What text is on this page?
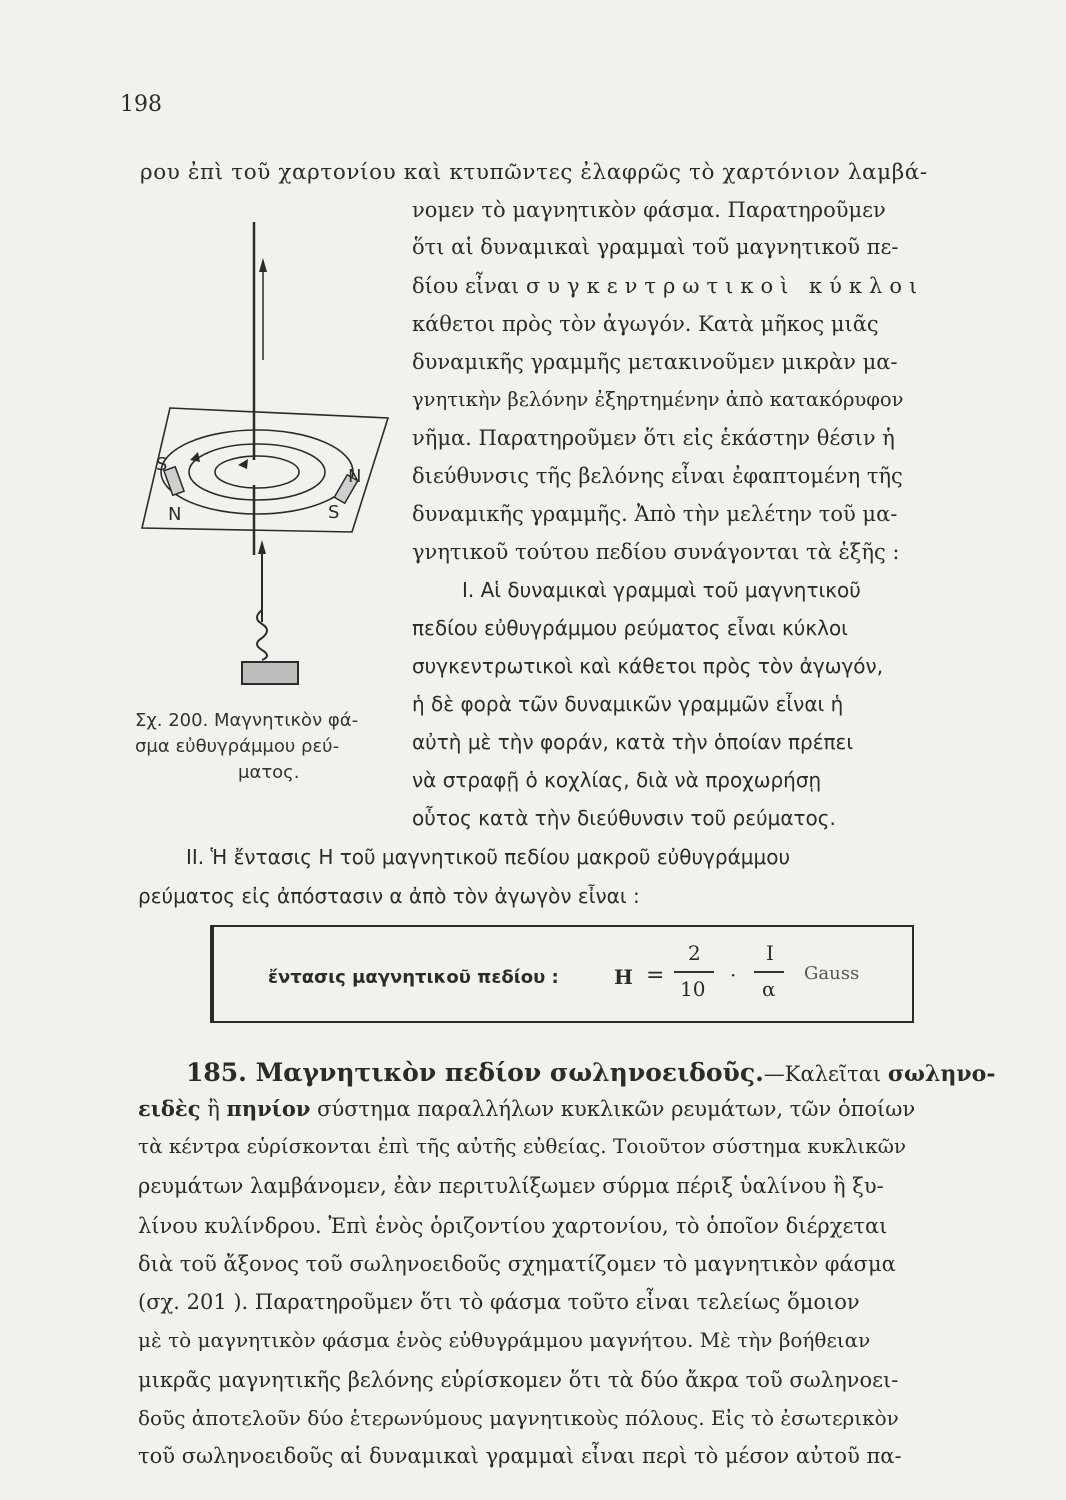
198
ρου ἐπὶ τοῦ χαρτονίου καὶ κτυπῶντες ἐλαφρῶς τὸ χαρτόνιον λαμβά-
νομεν τὸ μαγνητικὸν φάσμα. Παρατηροῦμεν
ὅτι αἱ δυναμικαὶ γραμμαὶ τοῦ μαγνητικοῦ πε-
δίου εἶναι συγκεντρωτικοὶ κύκλοι
κάθετοι πρὸς τὸν ἀγωγόν. Κατὰ μῆκος μιᾶς
δυναμικῆς γραμμῆς μετακινοῦμεν μικρὰν μα-
γνητικὴν βελόνην ἐξηρτημένην ἀπὸ κατακόρυφον
νῆμα. Παρατηροῦμεν ὅτι εἰς ἑκάστην θέσιν ἡ
διεύθυνσις τῆς βελόνης εἶναι ἐφαπτομένη τῆς
δυναμικῆς γραμμῆς. Ἀπὸ τὴν μελέτην τοῦ μα-
γνητικοῦ τούτου πεδίου συνάγονται τὰ ἑξῆς :
I. Αἱ δυναμικαὶ γραμμαὶ τοῦ μαγνητικοῦ
πεδίου εὐθυγράμμου ρεύματος εἶναι κύκλοι
συγκεντρωτικοὶ καὶ κάθετοι πρὸς τὸν ἀγωγόν,
ἡ δὲ φορὰ τῶν δυναμικῶν γραμμῶν εἶναι ἡ
αὐτὴ μὲ τὴν φοράν, κατὰ τὴν ὁποίαν πρέπει
νὰ στραφῇ ὁ κοχλίας, διὰ νὰ προχωρήσῃ
οὗτος κατὰ τὴν διεύθυνσιν τοῦ ρεύματος.
S
N
N	S
Σχ. 200. Μαγνητικὸν φά-
σμα εὐθυγράμμου ρεύ-
ματος.
II. Ἡ ἔντασις Η τοῦ μαγνητικοῦ πεδίου μακροῦ εὐθυγράμμου
ρεύματος εἰς ἀπόστασιν α ἀπὸ τὸν ἀγωγὸν εἶναι :
ἔντασις μαγνητικοῦ πεδίου :	H =
2
10
·
I
α
Gauss
185. Μαγνητικὸν πεδίον σωληνοειδοῦς.—Καλεῖται σωληνο-
ειδὲς ἢ πηνίον σύστημα παραλλήλων κυκλικῶν ρευμάτων, τῶν ὁποίων
τὰ κέντρα εὑρίσκονται ἐπὶ τῆς αὐτῆς εὐθείας. Τοιοῦτον σύστημα κυκλικῶν
ρευμάτων λαμβάνομεν, ἐὰν περιτυλίξωμεν σύρμα πέριξ ὑαλίνου ἢ ξυ-
λίνου κυλίνδρου. Ἐπὶ ἑνὸς ὁριζοντίου χαρτονίου, τὸ ὁποῖον διέρχεται
διὰ τοῦ ἄξονος τοῦ σωληνοειδοῦς σχηματίζομεν τὸ μαγνητικὸν φάσμα
(σχ. 201 ). Παρατηροῦμεν ὅτι τὸ φάσμα τοῦτο εἶναι τελείως ὅμοιον
μὲ τὸ μαγνητικὸν φάσμα ἑνὸς εὐθυγράμμου μαγνήτου. Μὲ τὴν βοήθειαν
μικρᾶς μαγνητικῆς βελόνης εὑρίσκομεν ὅτι τὰ δύο ἄκρα τοῦ σωληνοει-
δοῦς ἀποτελοῦν δύο ἑτερωνύμους μαγνητικοὺς πόλους. Εἰς τὸ ἐσωτερικὸν
τοῦ σωληνοειδοῦς αἱ δυναμικαὶ γραμμαὶ εἶναι περὶ τὸ μέσον αὐτοῦ πα-
